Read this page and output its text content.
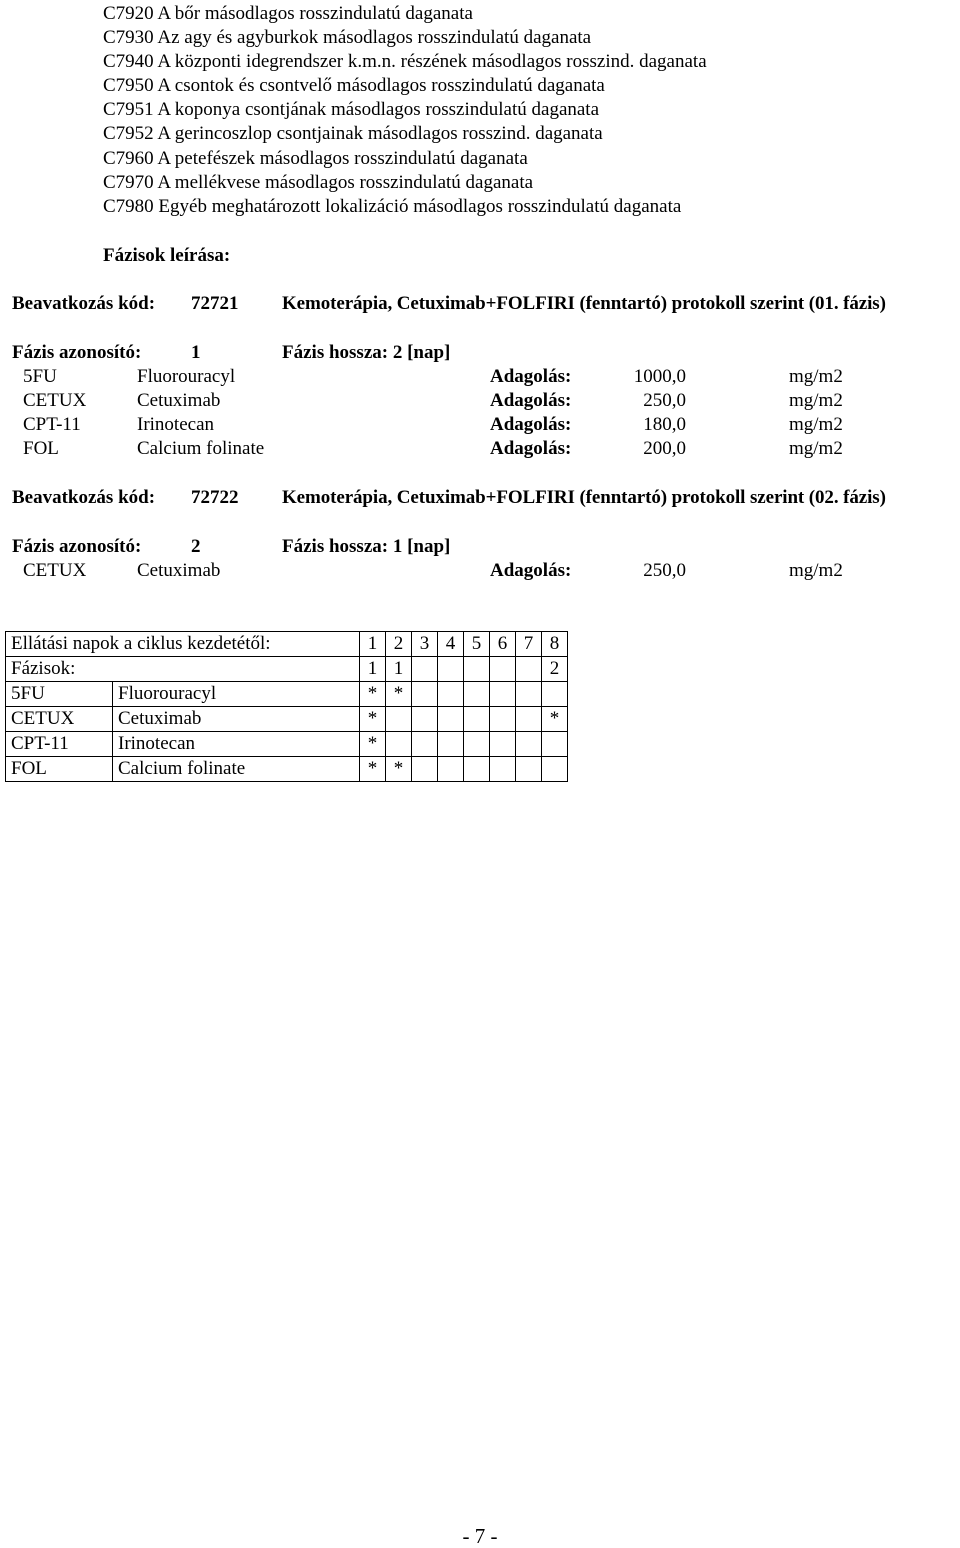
C7920 A bőr másodlagos rosszindulatú daganata
C7930 Az agy és agyburkok másodlagos rosszindulatú daganata
C7940 A központi idegrendszer k.m.n. részének másodlagos rosszind. daganata
C7950 A csontok és csontvelő másodlagos rosszindulatú daganata
C7951 A koponya csontjának másodlagos rosszindulatú daganata
C7952 A gerincoszlop csontjainak másodlagos rosszind. daganata
C7960 A petefészek másodlagos rosszindulatú daganata
C7970 A mellékvese másodlagos rosszindulatú daganata
C7980 Egyéb meghatározott lokalizáció másodlagos rosszindulatú daganata
Fázisok leírása:
Beavatkozás kód: 72721 Kemoterápia, Cetuximab+FOLFIRI (fenntartó) protokoll szerint (01. fázis)
Fázis azonosító:	1	Fázis hossza: 2 [nap]
5FU	Fluorouracyl	Adagolás:	1000,0	mg/m2
CETUX	Cetuximab	Adagolás:	250,0	mg/m2
CPT-11	Irinotecan	Adagolás:	180,0	mg/m2
FOL	Calcium folinate	Adagolás:	200,0	mg/m2
Beavatkozás kód: 72722 Kemoterápia, Cetuximab+FOLFIRI (fenntartó) protokoll szerint (02. fázis)
Fázis azonosító:	2	Fázis hossza: 1 [nap]
CETUX	Cetuximab	Adagolás:	250,0	mg/m2
Ellátási napok a ciklus kezdetétől:		1	2	3	4	5	6	7	8
Fázisok:		1	1						2
5FU	Fluorouracyl	*	*						
CETUX	Cetuximab	*							*
CPT-11	Irinotecan	*							
FOL	Calcium folinate	*	*						
- 7 -
